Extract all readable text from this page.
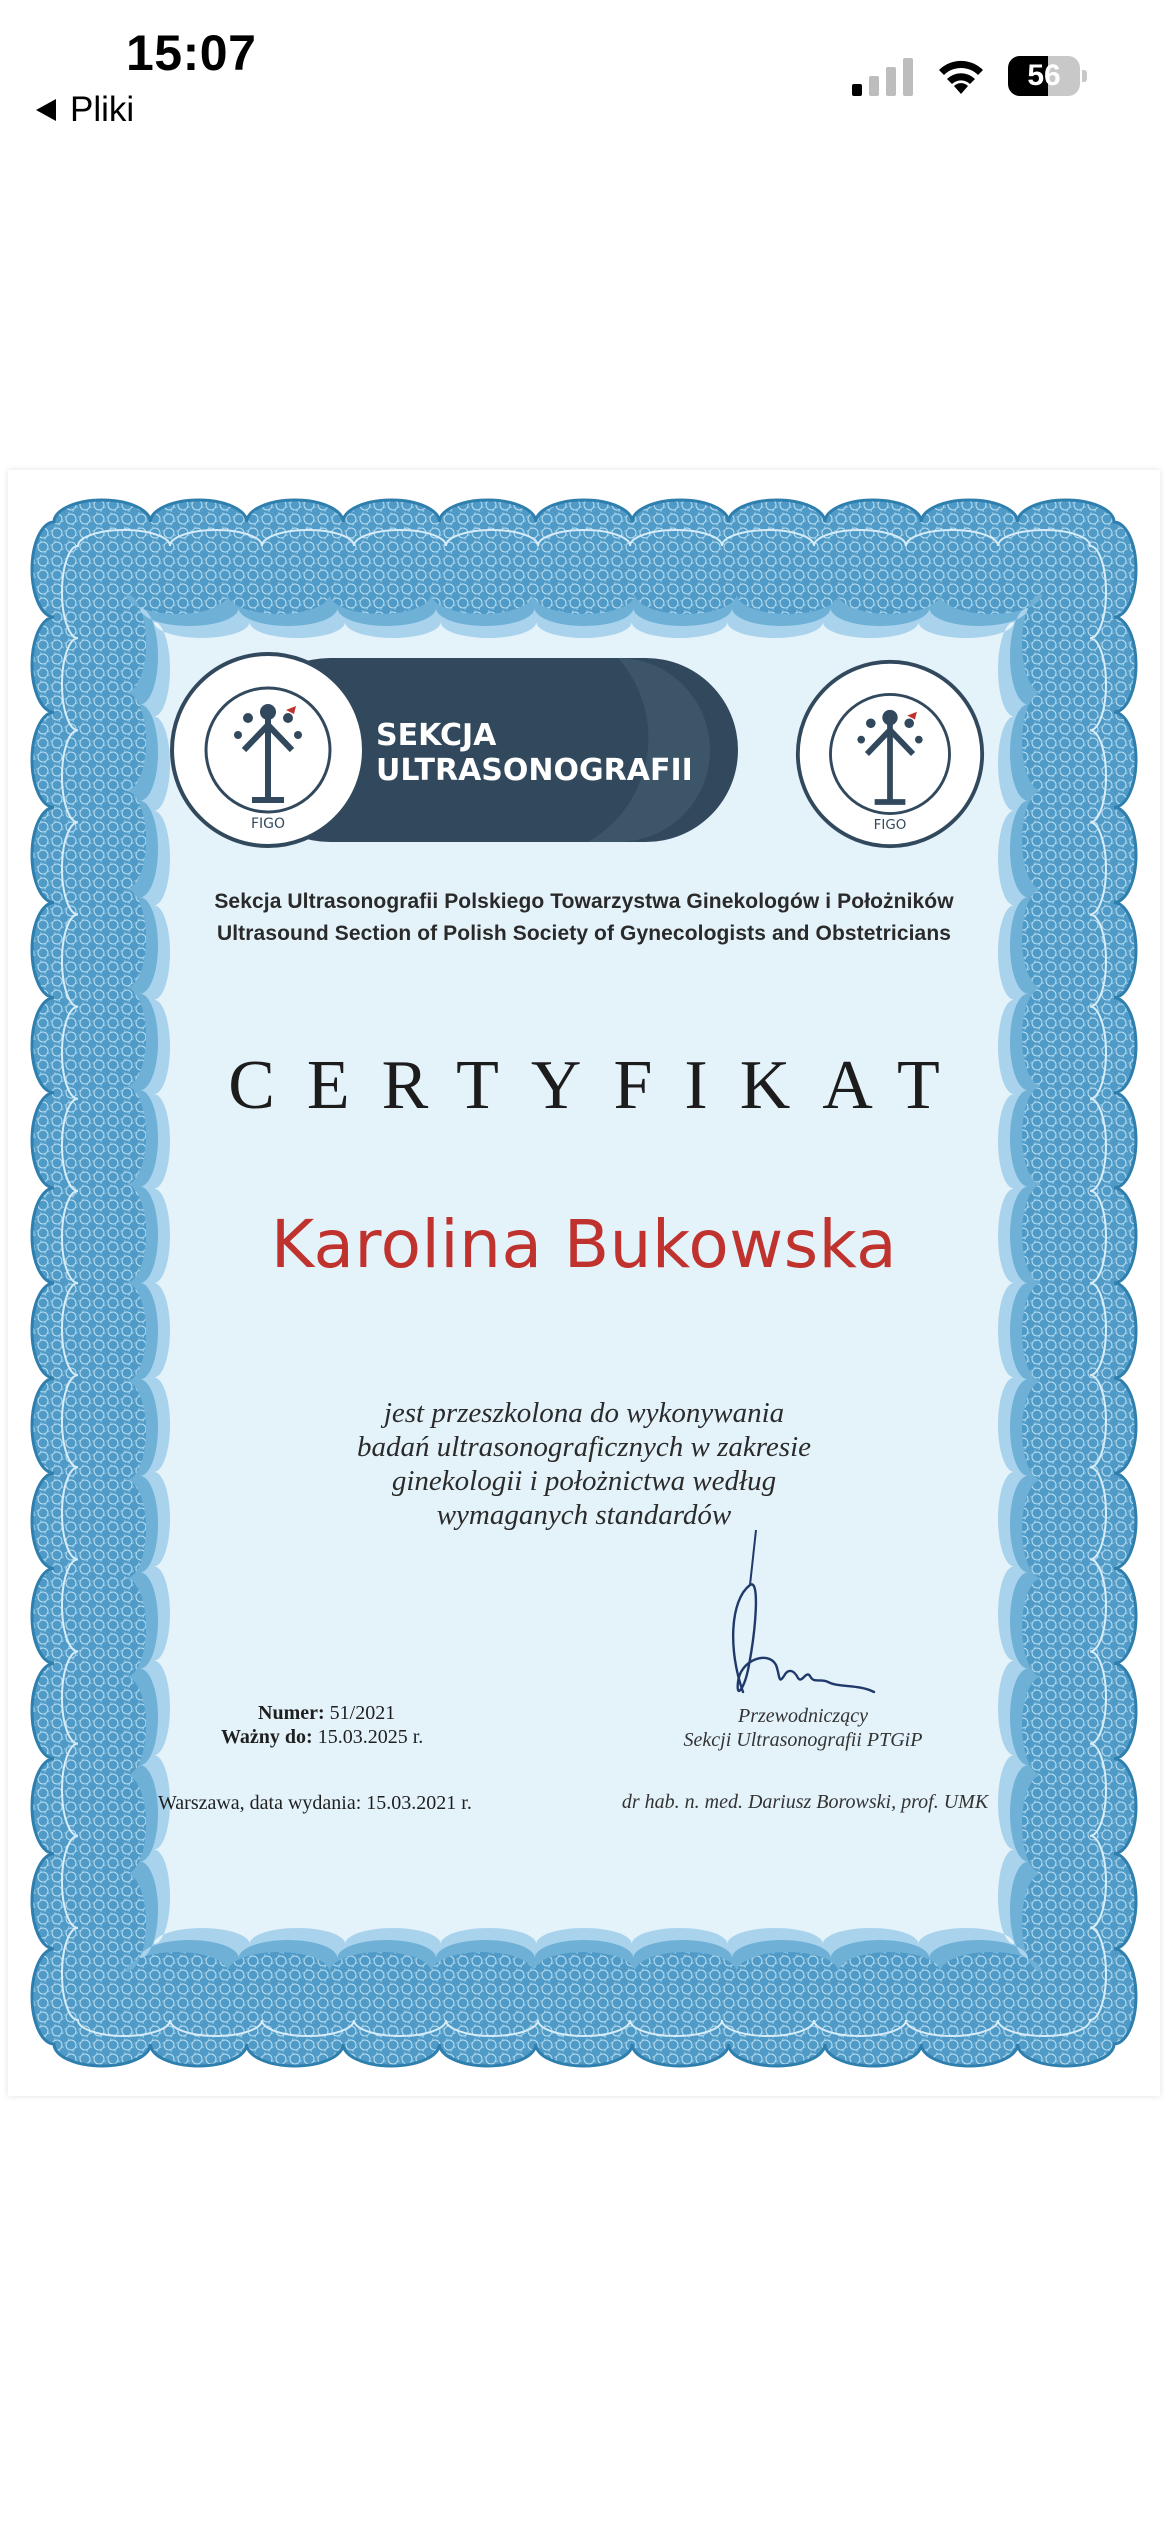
15:07
Pliki
56
SEKCJA
ULTRASONOGRAFII
FIGO	FIGO
Sekcja Ultrasonografii Polskiego Towarzystwa Ginekologów i Położników
Ultrasound Section of Polish Society of Gynecologists and Obstetricians
CERTYFIKAT
Karolina Bukowska
jest przeszkolona do wykonywania
badań ultrasonograficznych w zakresie
ginekologii i położnictwa według
wymaganych standardów
Numer: 51/2021
Ważny do: 15.03.2025 r.
Warszawa, data wydania: 15.03.2021 r.
Przewodniczący
Sekcji Ultrasonografii PTGiP
dr hab. n. med. Dariusz Borowski, prof. UMK
